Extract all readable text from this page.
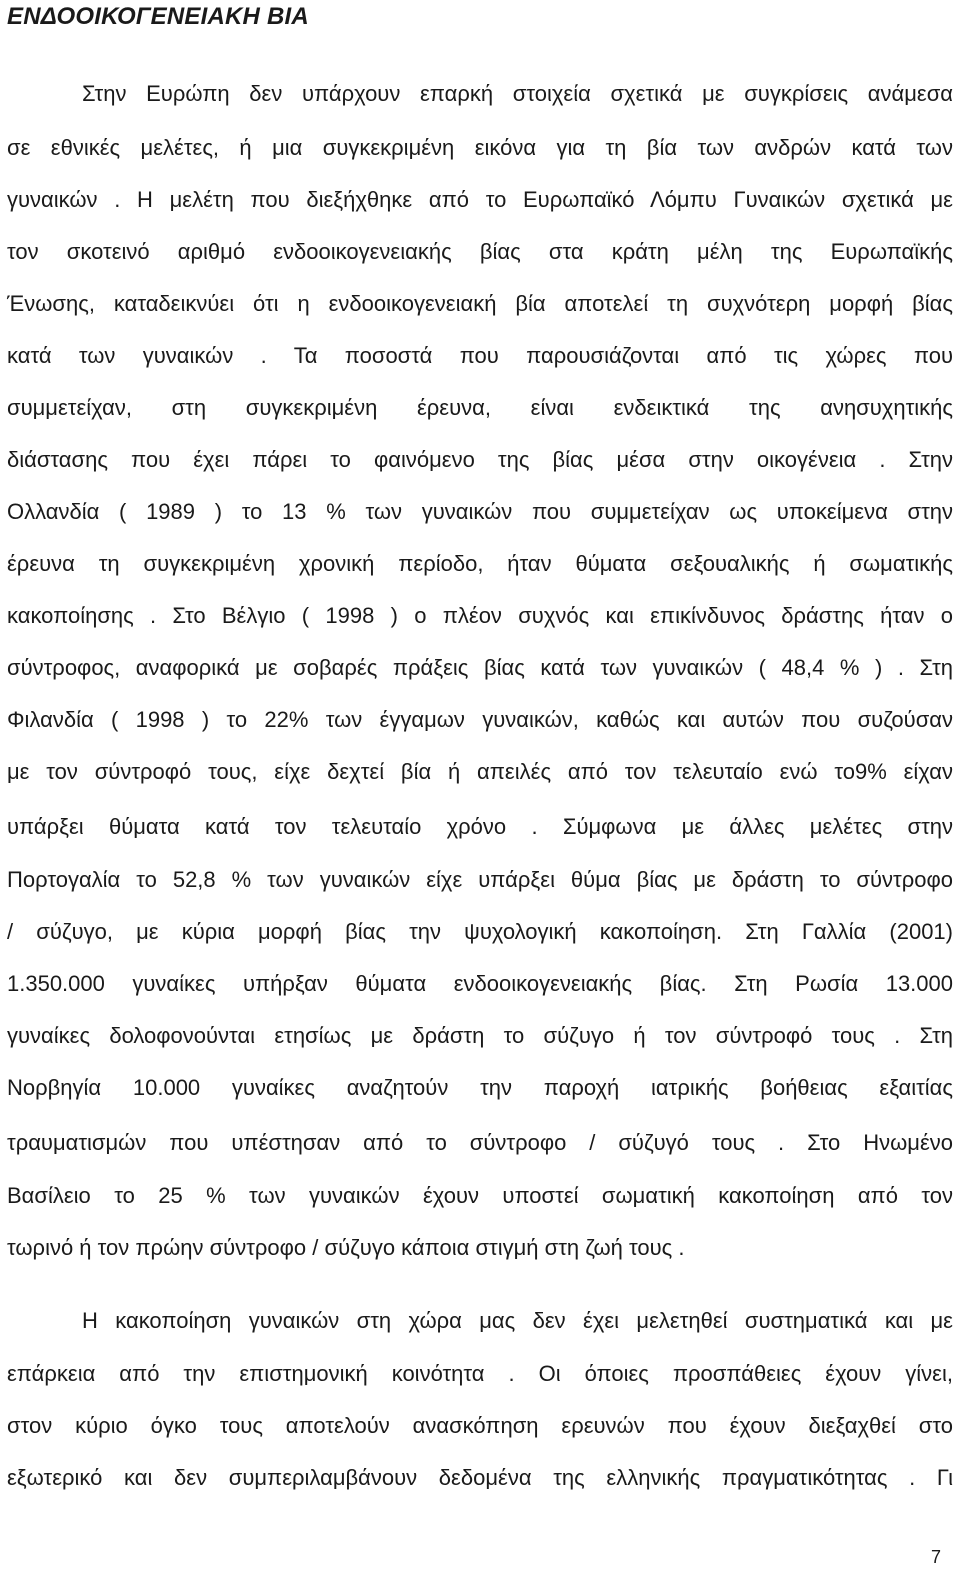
ΕΝΔΟΟΙΚΟΓΕΝΕΙΑΚΗ ΒΙΑ
Στην Ευρώπη δεν υπάρχουν επαρκή στοιχεία σχετικά με συγκρίσεις ανάμεσα
σε εθνικές μελέτες, ή μια συγκεκριμένη εικόνα για τη βία των ανδρών κατά των
γυναικών . Η μελέτη που διεξήχθηκε από το Ευρωπαϊκό Λόμπυ Γυναικών σχετικά με
τον σκοτεινό αριθμό ενδοοικογενειακής βίας στα κράτη μέλη της Ευρωπαϊκής
Ένωσης, καταδεικνύει ότι η ενδοοικογενειακή βία αποτελεί τη συχνότερη μορφή βίας
κατά των γυναικών . Τα ποσοστά που παρουσιάζονται από τις χώρες που
συμμετείχαν, στη συγκεκριμένη έρευνα, είναι ενδεικτικά της ανησυχητικής
διάστασης που έχει πάρει το φαινόμενο της βίας μέσα στην οικογένεια . Στην
Ολλανδία ( 1989 ) το 13 % των γυναικών που συμμετείχαν ως υποκείμενα στην
έρευνα τη συγκεκριμένη χρονική περίοδο, ήταν θύματα σεξουαλικής ή σωματικής
κακοποίησης . Στο Βέλγιο ( 1998 ) ο πλέον συχνός και επικίνδυνος δράστης ήταν ο
σύντροφος, αναφορικά με σοβαρές πράξεις βίας κατά των γυναικών ( 48,4 % ) . Στη
Φιλανδία ( 1998 ) το 22% των έγγαμων γυναικών, καθώς και αυτών που συζούσαν
με τον σύντροφό τους, είχε δεχτεί βία ή απειλές από τον τελευταίο ενώ το9% είχαν
υπάρξει θύματα κατά τον τελευταίο χρόνο . Σύμφωνα με άλλες μελέτες στην
Πορτογαλία το 52,8 % των γυναικών είχε υπάρξει θύμα βίας με δράστη το σύντροφο
/ σύζυγο, με κύρια μορφή βίας την ψυχολογική κακοποίηση. Στη Γαλλία (2001)
1.350.000 γυναίκες υπήρξαν θύματα ενδοοικογενειακής βίας. Στη Ρωσία 13.000
γυναίκες δολοφονούνται ετησίως με δράστη το σύζυγο ή τον σύντροφό τους . Στη
Νορβηγία 10.000 γυναίκες αναζητούν την παροχή ιατρικής βοήθειας εξαιτίας
τραυματισμών που υπέστησαν από το σύντροφο / σύζυγό τους . Στο Ηνωμένο
Βασίλειο το 25 % των γυναικών έχουν υποστεί σωματική κακοποίηση από τον
τωρινό ή τον πρώην σύντροφο / σύζυγο κάποια στιγμή στη ζωή τους .
Η κακοποίηση γυναικών στη χώρα μας δεν έχει μελετηθεί συστηματικά και με
επάρκεια από την επιστημονική κοινότητα . Οι όποιες προσπάθειες έχουν γίνει,
στον κύριο όγκο τους αποτελούν ανασκόπηση ερευνών που έχουν διεξαχθεί στο
εξωτερικό και δεν συμπεριλαμβάνουν δεδομένα της ελληνικής πραγματικότητας . Γι
7
